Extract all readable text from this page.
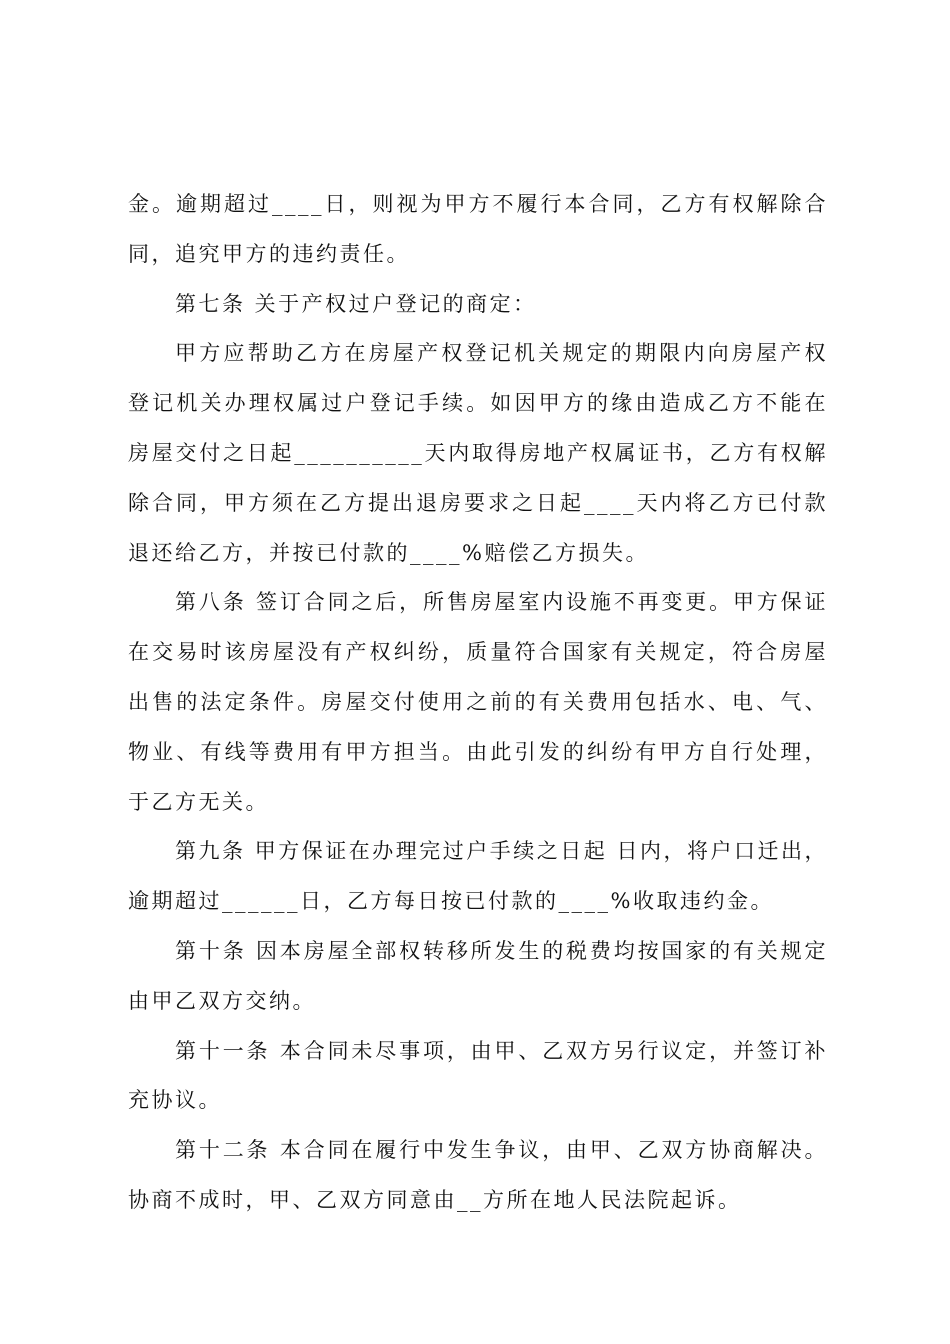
金。逾期超过____日，则视为甲方不履行本合同，乙方有权解除合同，追究甲方的违约责任。

第七条 关于产权过户登记的商定：

甲方应帮助乙方在房屋产权登记机关规定的期限内向房屋产权登记机关办理权属过户登记手续。如因甲方的缘由造成乙方不能在房屋交付之日起__________天内取得房地产权属证书，乙方有权解除合同，甲方须在乙方提出退房要求之日起____天内将乙方已付款退还给乙方，并按已付款的____%赔偿乙方损失。

第八条 签订合同之后，所售房屋室内设施不再变更。甲方保证在交易时该房屋没有产权纠纷，质量符合国家有关规定，符合房屋出售的法定条件。房屋交付使用之前的有关费用包括水、电、气、物业、有线等费用有甲方担当。由此引发的纠纷有甲方自行处理，于乙方无关。

第九条 甲方保证在办理完过户手续之日起 日内，将户口迁出，逾期超过______日，乙方每日按已付款的____%收取违约金。

第十条 因本房屋全部权转移所发生的税费均按国家的有关规定由甲乙双方交纳。

第十一条 本合同未尽事项，由甲、乙双方另行议定，并签订补充协议。

第十二条 本合同在履行中发生争议，由甲、乙双方协商解决。协商不成时，甲、乙双方同意由__方所在地人民法院起诉。
